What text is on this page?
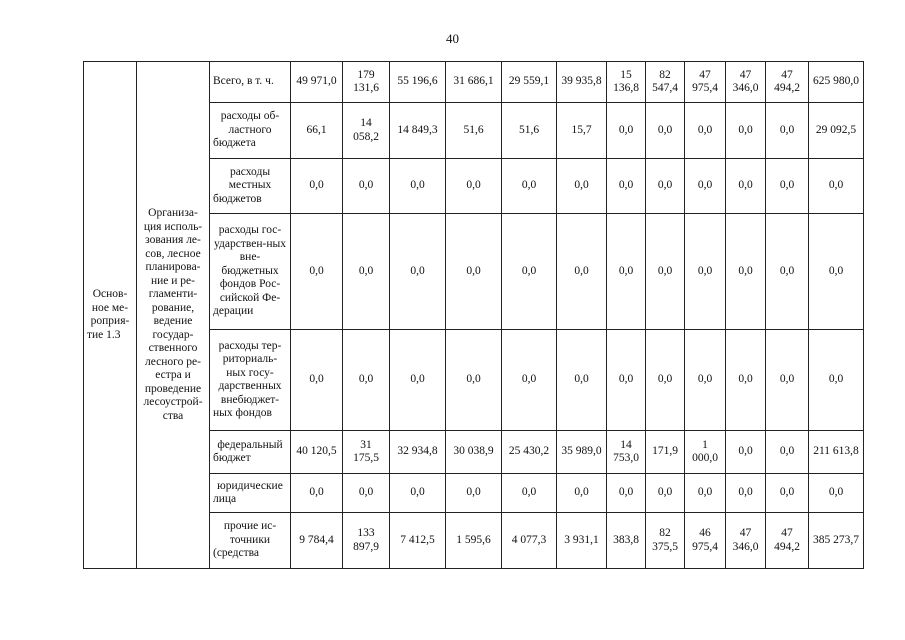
40
Основ-ное ме-роприя-тие 1.3	Организа-ция исполь-зования ле-сов, лесное планирова-ние и ре-гламенти-рование, ведение государ-ственного лесного ре-естра и проведение лесоустрой-ства	Всего, в т. ч.	49 971,0	179 131,6	55 196,6	31 686,1	29 559,1	39 935,8	15 136,8	82 547,4	47 975,4	47 346,0	47 494,2	625 980,0
		расходы об-ластного бюджета	66,1	14 058,2	14 849,3	51,6	51,6	15,7	0,0	0,0	0,0	0,0	0,0	29 092,5
		расходы местных бюджетов	0,0	0,0	0,0	0,0	0,0	0,0	0,0	0,0	0,0	0,0	0,0	0,0
		расходы гос-ударствен-ных вне-бюджетных фондов Рос-сийской Фе-дерации	0,0	0,0	0,0	0,0	0,0	0,0	0,0	0,0	0,0	0,0	0,0	0,0
		расходы тер-риториаль-ных госу-дарственных внебюджет-ных фондов	0,0	0,0	0,0	0,0	0,0	0,0	0,0	0,0	0,0	0,0	0,0	0,0
		федеральный бюджет	40 120,5	31 175,5	32 934,8	30 038,9	25 430,2	35 989,0	14 753,0	171,9	1 000,0	0,0	0,0	211 613,8
		юридические лица	0,0	0,0	0,0	0,0	0,0	0,0	0,0	0,0	0,0	0,0	0,0	0,0
		прочие ис-точники (средства	9 784,4	133 897,9	7 412,5	1 595,6	4 077,3	3 931,1	383,8	82 375,5	46 975,4	47 346,0	47 494,2	385 273,7
